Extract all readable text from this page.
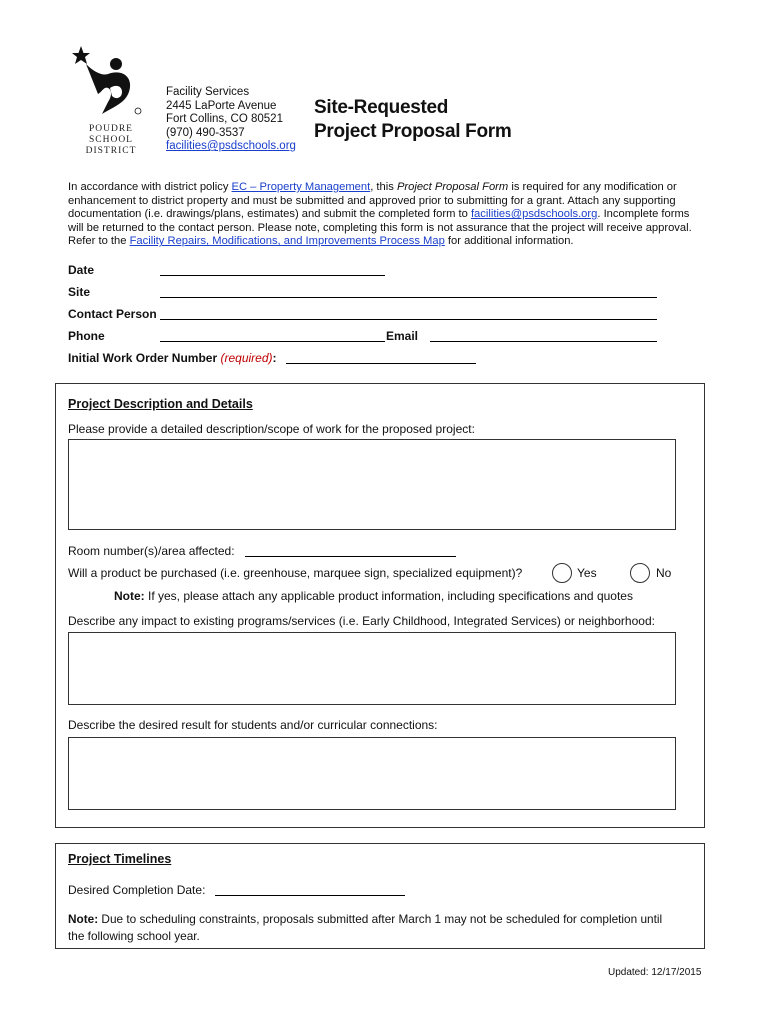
POUDRE
SCHOOL
DISTRICT
Facility Services
2445 LaPorte Avenue
Fort Collins, CO 80521
(970) 490-3537
facilities@psdschools.org
Site-Requested
Project Proposal Form
In accordance with district policy EC – Property Management, this Project Proposal Form is required for any modification or
enhancement to district property and must be submitted and approved prior to submitting for a grant. Attach any supporting
documentation (i.e. drawings/plans, estimates) and submit the completed form to facilities@psdschools.org. Incomplete forms
will be returned to the contact person. Please note, completing this form is not assurance that the project will receive approval.
Refer to the Facility Repairs, Modifications, and Improvements Process Map for additional information.
Date
Site
Contact Person
Phone	Email
Initial Work Order Number (required):
Project Description and Details
Please provide a detailed description/scope of work for the proposed project:
Room number(s)/area affected:
Will a product be purchased (i.e. greenhouse, marquee sign, specialized equipment)?	Yes	No
Note: If yes, please attach any applicable product information, including specifications and quotes
Describe any impact to existing programs/services (i.e. Early Childhood, Integrated Services) or neighborhood:
Describe the desired result for students and/or curricular connections:
Project Timelines
Desired Completion Date:
Note: Due to scheduling constraints, proposals submitted after March 1 may not be scheduled for completion until
the following school year.
Updated: 12/17/2015
